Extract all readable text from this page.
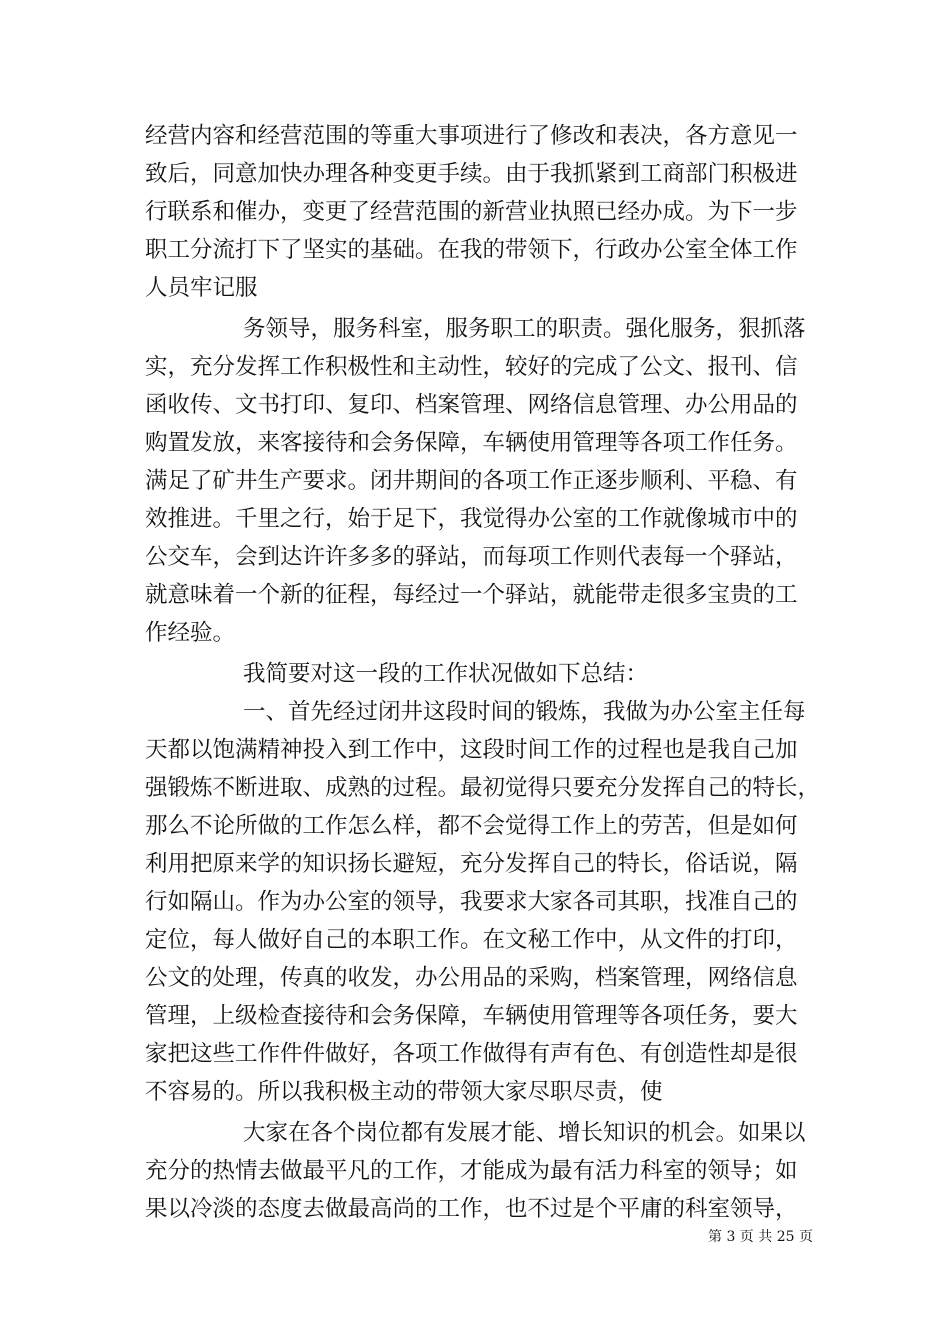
经营内容和经营范围的等重大事项进行了修改和表决，各方意见一
致后，同意加快办理各种变更手续。由于我抓紧到工商部门积极进
行联系和催办，变更了经营范围的新营业执照已经办成。为下一步
职工分流打下了坚实的基础。在我的带领下，行政办公室全体工作
人员牢记服
务领导，服务科室，服务职工的职责。强化服务，狠抓落
实，充分发挥工作积极性和主动性，较好的完成了公文、报刊、信
函收传、文书打印、复印、档案管理、网络信息管理、办公用品的
购置发放，来客接待和会务保障，车辆使用管理等各项工作任务。
满足了矿井生产要求。闭井期间的各项工作正逐步顺利、平稳、有
效推进。千里之行，始于足下，我觉得办公室的工作就像城市中的
公交车，会到达许许多多的驿站，而每项工作则代表每一个驿站，
就意味着一个新的征程，每经过一个驿站，就能带走很多宝贵的工
作经验。
我简要对这一段的工作状况做如下总结：
一、首先经过闭井这段时间的锻炼，我做为办公室主任每
天都以饱满精神投入到工作中，这段时间工作的过程也是我自己加
强锻炼不断进取、成熟的过程。最初觉得只要充分发挥自己的特长，
那么不论所做的工作怎么样，都不会觉得工作上的劳苦，但是如何
利用把原来学的知识扬长避短，充分发挥自己的特长，俗话说，隔
行如隔山。作为办公室的领导，我要求大家各司其职，找准自己的
定位，每人做好自己的本职工作。在文秘工作中，从文件的打印，
公文的处理，传真的收发，办公用品的采购，档案管理，网络信息
管理，上级检查接待和会务保障，车辆使用管理等各项任务，要大
家把这些工作件件做好，各项工作做得有声有色、有创造性却是很
不容易的。所以我积极主动的带领大家尽职尽责，使
大家在各个岗位都有发展才能、增长知识的机会。如果以
充分的热情去做最平凡的工作，才能成为最有活力科室的领导；如
果以冷淡的态度去做最高尚的工作，也不过是个平庸的科室领导，
第 3 页 共 25 页
